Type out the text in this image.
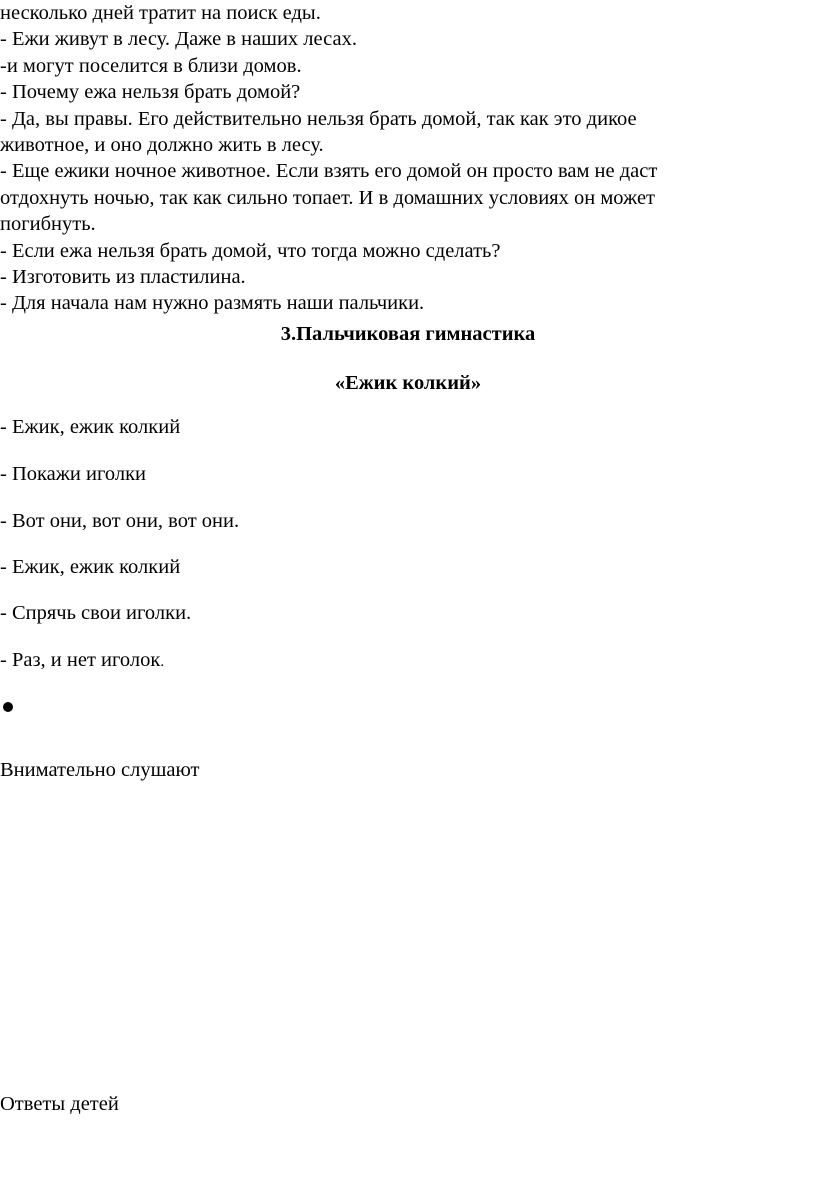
несколько дней тратит на поиск еды.
- Ежи живут в лесу. Даже в наших лесах.
-и могут поселится в близи домов.
- Почему ежа нельзя брать домой?
- Да, вы правы. Его действительно нельзя брать домой, так как это дикое
животное, и оно должно жить в лесу.
- Еще ежики ночное животное. Если взять его домой он просто вам не даст
отдохнуть ночью, так как сильно топает. И в домашних условиях он может
погибнуть.
- Если ежа нельзя брать домой, что тогда можно сделать?
- Изготовить из пластилина.
- Для начала нам нужно размять наши пальчики.
3.Пальчиковая гимнастика
«Ежик колкий»
- Ежик, ежик колкий
- Покажи иголки
- Вот они, вот они, вот они.
- Ежик, ежик колкий
- Спрячь свои иголки.
- Раз, и нет иголок.
Внимательно слушают
Ответы детей
